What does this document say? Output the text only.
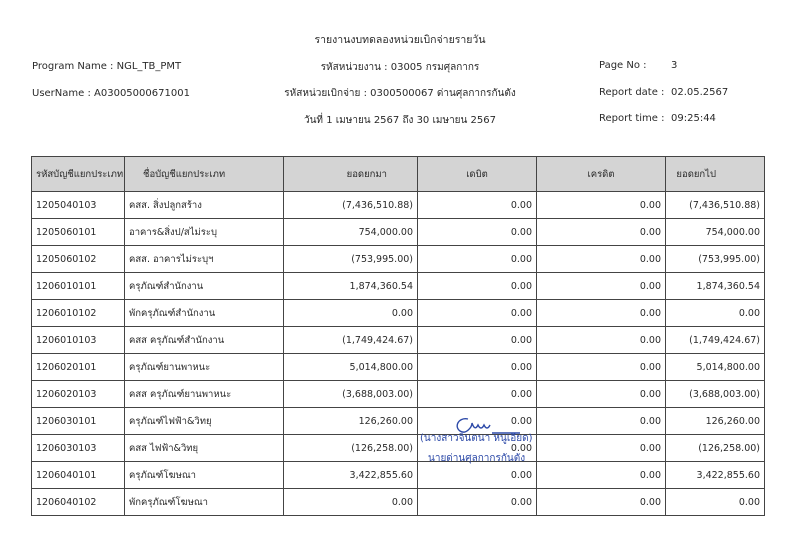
รายงานงบทดลองหน่วยเบิกจ่ายรายวัน
Program Name : NGL_TB_PMT
UserName : A03005000671001
รหัสหน่วยงาน : 03005 กรมศุลกากร
รหัสหน่วยเบิกจ่าย : 0300500067 ด่านศุลกากรกันตัง
วันที่ 1 เมษายน 2567 ถึง 30 เมษายน 2567
Page No : 3
Report date : 02.05.2567
Report time : 09:25:44
รหัสบัญชีแยกประเภท	ชื่อบัญชีแยกประเภท	ยอดยกมา	เดบิต	เครดิต	ยอดยกไป
1205040103	คสส. สิ่งปลูกสร้าง	(7,436,510.88)	0.00	0.00	(7,436,510.88)
1205060101	อาคาร&สิ่งป/สไม่ระบุ	754,000.00	0.00	0.00	754,000.00
1205060102	คสส. อาคารไม่ระบุฯ	(753,995.00)	0.00	0.00	(753,995.00)
1206010101	ครุภัณฑ์สำนักงาน	1,874,360.54	0.00	0.00	1,874,360.54
1206010102	พักครุภัณฑ์สำนักงาน	0.00	0.00	0.00	0.00
1206010103	คสส ครุภัณฑ์สำนักงาน	(1,749,424.67)	0.00	0.00	(1,749,424.67)
1206020101	ครุภัณฑ์ยานพาหนะ	5,014,800.00	0.00	0.00	5,014,800.00
1206020103	คสส ครุภัณฑ์ยานพาหนะ	(3,688,003.00)	0.00	0.00	(3,688,003.00)
1206030101	ครุภัณฑ์ไฟฟ้า&วิทยุ	126,260.00	0.00	0.00	126,260.00
1206030103	คสส ไฟฟ้า&วิทยุ	(126,258.00)	0.00	0.00	(126,258.00)
1206040101	ครุภัณฑ์โฆษณา	3,422,855.60	0.00	0.00	3,422,855.60
1206040102	พักครุภัณฑ์โฆษณา	0.00	0.00	0.00	0.00
(นางสาวจินตนา หนูเอียด)
นายด่านศุลกากรกันตัง
